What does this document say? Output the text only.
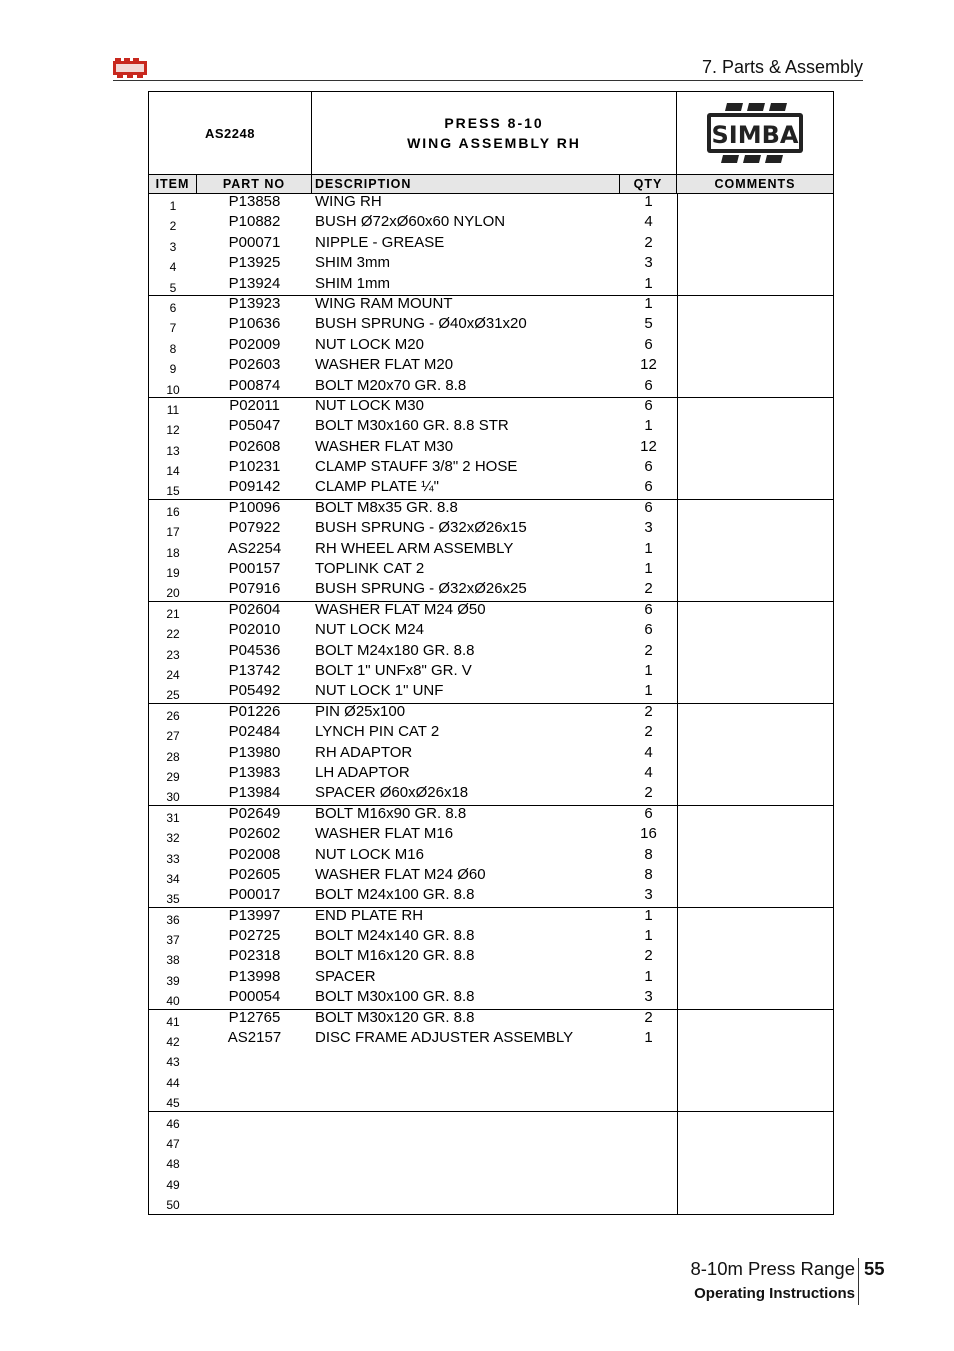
7. Parts & Assembly
AS2248
PRESS 8-10
WING ASSEMBLY RH	SIMBA
ITEM	PART NO	DESCRIPTION	QTY	COMMENTS
1	P13858	WING RH	1
2	P10882	BUSH Ø72xØ60x60 NYLON	4
3	P00071	NIPPLE - GREASE	2
4	P13925	SHIM 3mm	3
5	P13924	SHIM 1mm	1
6	P13923	WING RAM MOUNT	1
7	P10636	BUSH SPRUNG - Ø40xØ31x20	5
8	P02009	NUT LOCK M20	6
9	P02603	WASHER FLAT M20	12
10	P00874	BOLT M20x70 GR. 8.8	6
11	P02011	NUT LOCK M30	6
12	P05047	BOLT M30x160 GR. 8.8 STR	1
13	P02608	WASHER FLAT M30	12
14	P10231	CLAMP STAUFF 3/8" 2 HOSE	6
15	P09142	CLAMP PLATE ¼"	6
16	P10096	BOLT M8x35 GR. 8.8	6
17	P07922	BUSH SPRUNG - Ø32xØ26x15	3
18	AS2254	RH WHEEL ARM ASSEMBLY	1
19	P00157	TOPLINK CAT 2	1
20	P07916	BUSH SPRUNG - Ø32xØ26x25	2
21	P02604	WASHER FLAT M24 Ø50	6
22	P02010	NUT LOCK M24	6
23	P04536	BOLT M24x180 GR. 8.8	2
24	P13742	BOLT 1" UNFx8" GR. V	1
25	P05492	NUT LOCK 1" UNF	1
26	P01226	PIN Ø25x100	2
27	P02484	LYNCH PIN CAT 2	2
28	P13980	RH ADAPTOR	4
29	P13983	LH ADAPTOR	4
30	P13984	SPACER Ø60xØ26x18	2
31	P02649	BOLT M16x90 GR. 8.8	6
32	P02602	WASHER FLAT M16	16
33	P02008	NUT LOCK M16	8
34	P02605	WASHER FLAT M24 Ø60	8
35	P00017	BOLT M24x100 GR. 8.8	3
36	P13997	END PLATE RH	1
37	P02725	BOLT M24x140 GR. 8.8	1
38	P02318	BOLT M16x120 GR. 8.8	2
39	P13998	SPACER	1
40	P00054	BOLT M30x100 GR. 8.8	3
41	P12765	BOLT M30x120 GR. 8.8	2
42	AS2157	DISC FRAME ADJUSTER ASSEMBLY	1
43
44
45
46
47
48
49
50
8-10m Press Range 55
Operating Instructions
